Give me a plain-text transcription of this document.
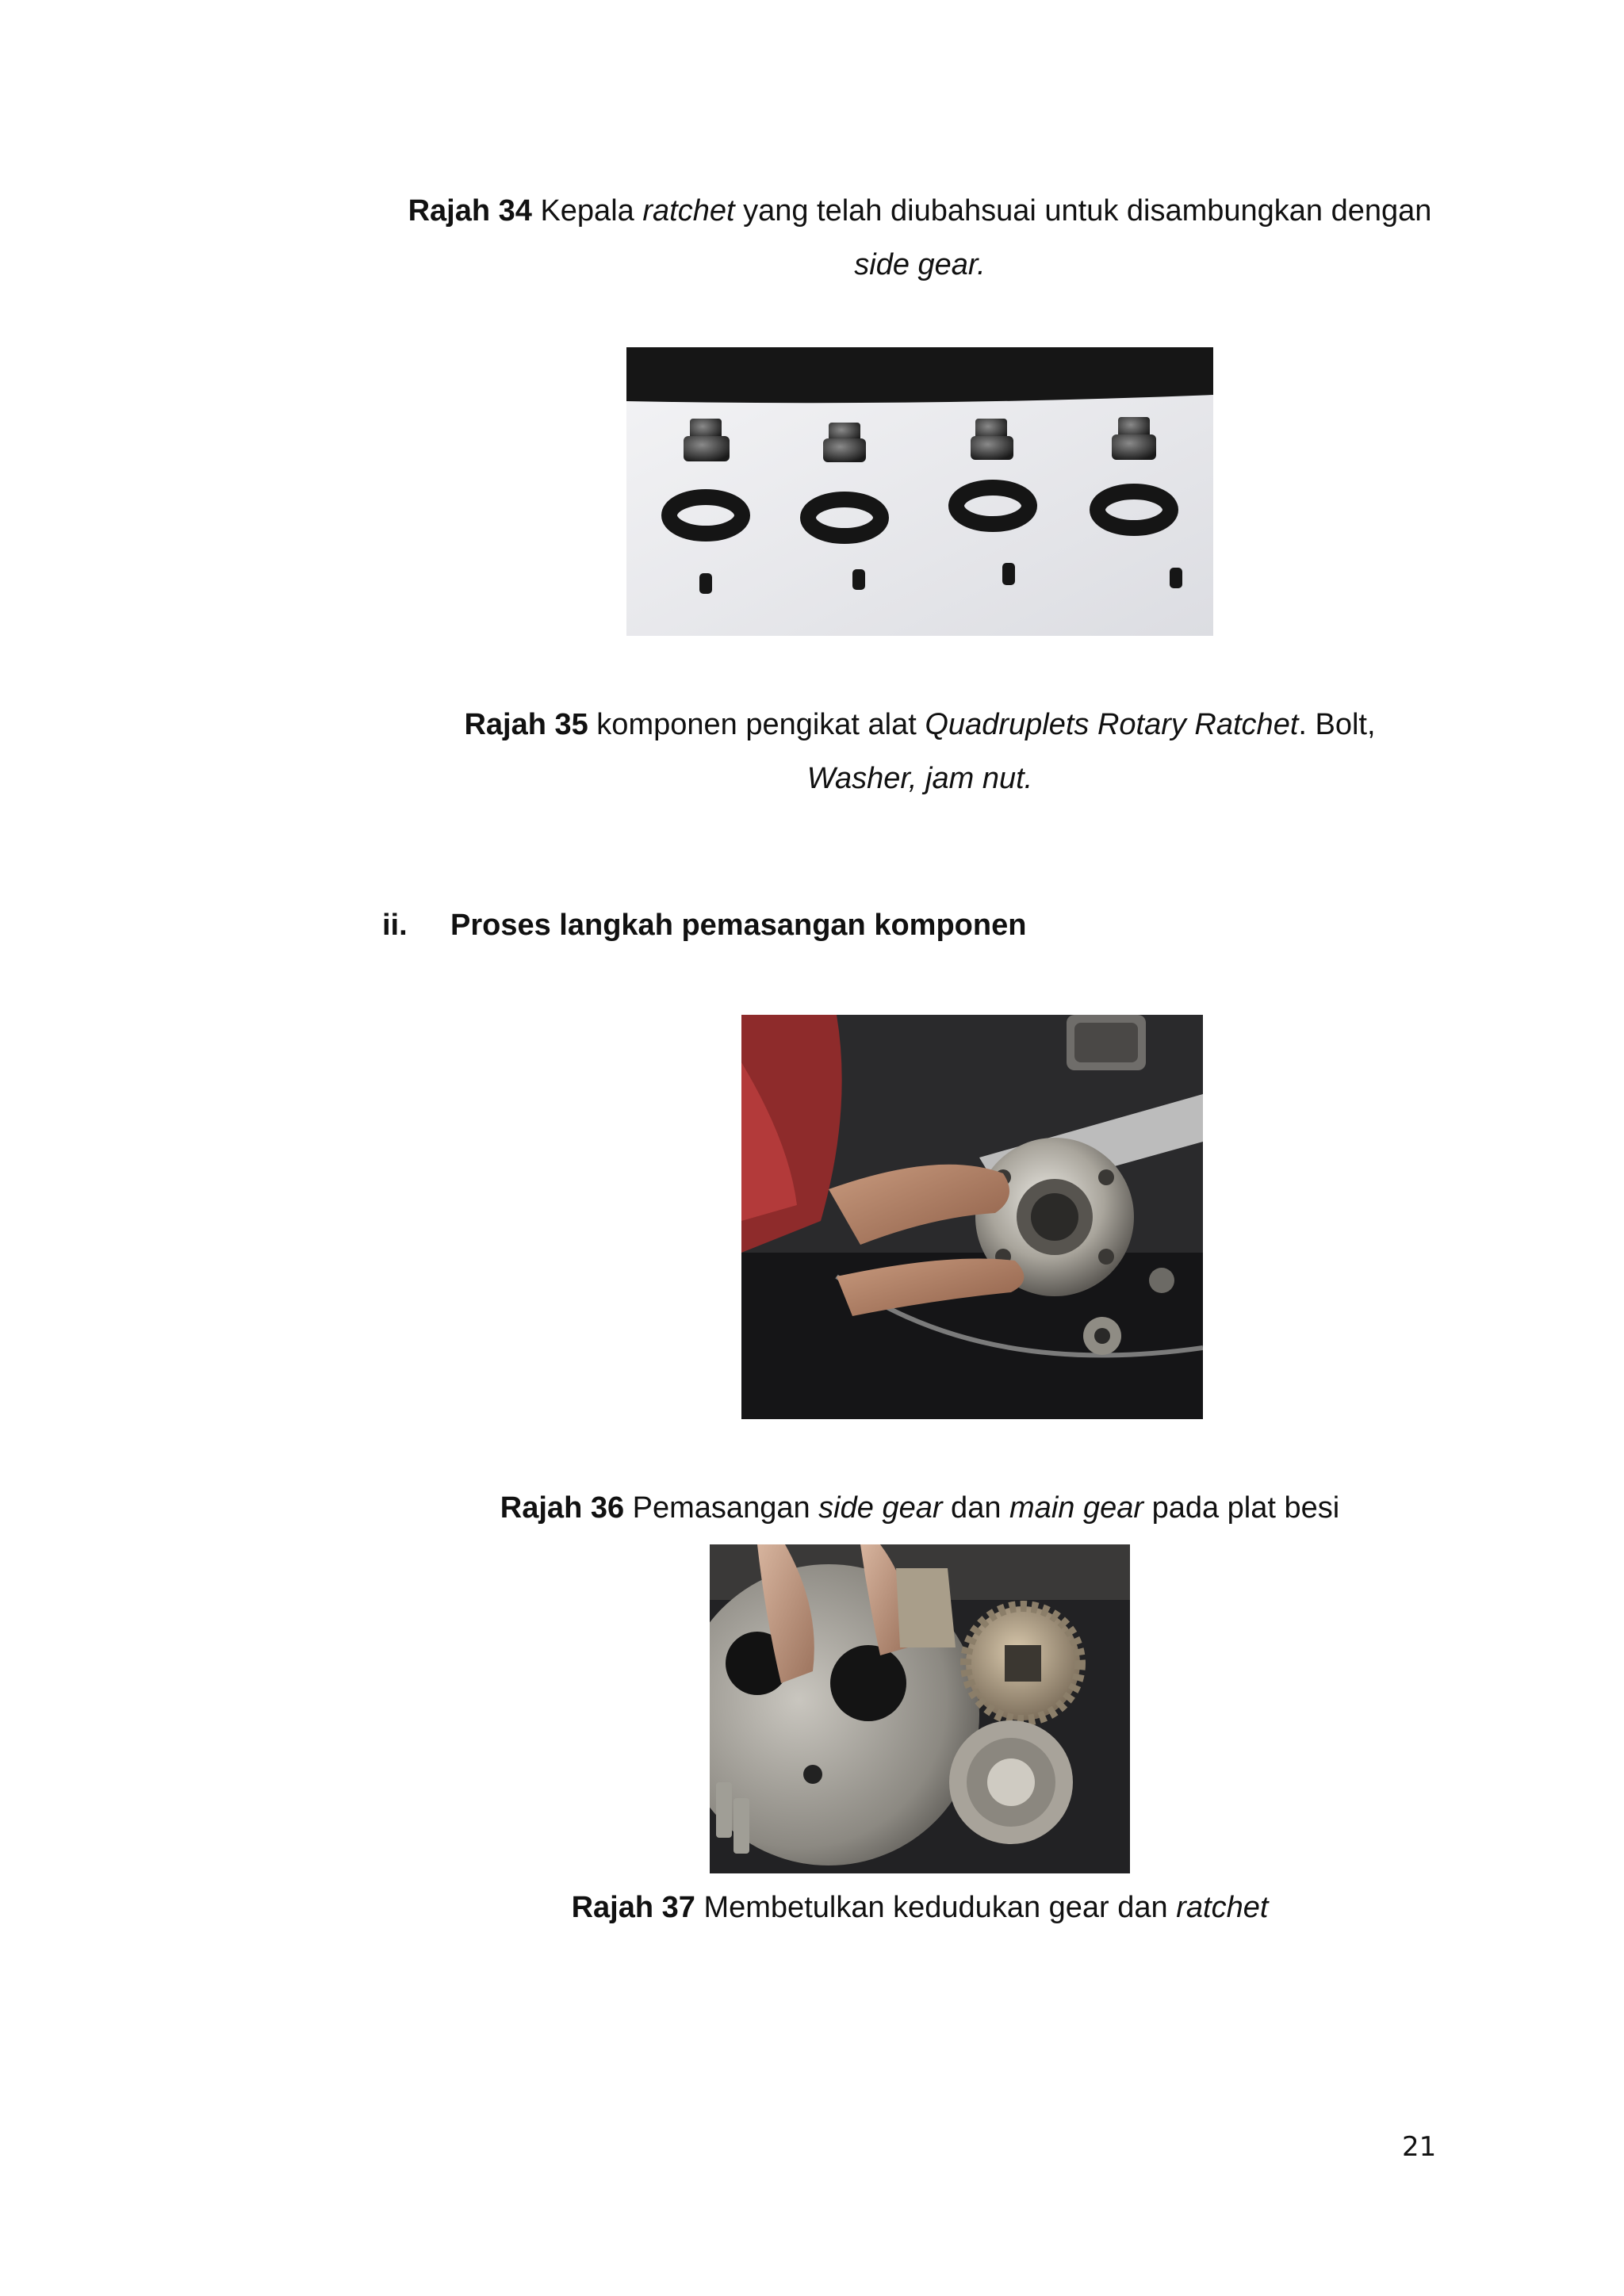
Rajah 34 Kepala ratchet yang telah diubahsuai untuk disambungkan dengan
side gear.
Rajah 35 komponen pengikat alat Quadruplets Rotary Ratchet. Bolt,
Washer, jam nut.
ii. Proses langkah pemasangan komponen
Rajah 36 Pemasangan side gear dan main gear pada plat besi
Rajah 37 Membetulkan kedudukan gear dan ratchet
21
